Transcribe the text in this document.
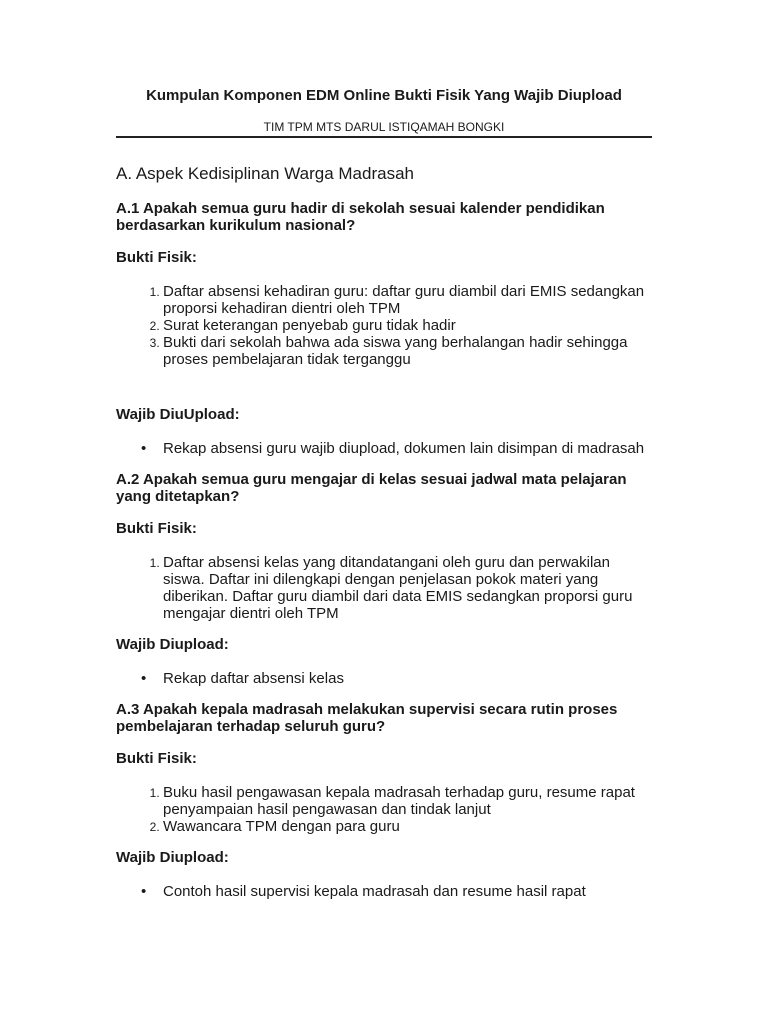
Kumpulan Komponen EDM Online Bukti Fisik Yang Wajib Diupload

TIM TPM MTS DARUL ISTIQAMAH BONGKI

A. Aspek Kedisiplinan Warga Madrasah

A.1 Apakah semua guru hadir di sekolah sesuai kalender pendidikan berdasarkan kurikulum nasional?

Bukti Fisik:

1. Daftar absensi kehadiran guru: daftar guru diambil dari EMIS sedangkan proporsi kehadiran dientri oleh TPM
2. Surat keterangan penyebab guru tidak hadir
3. Bukti dari sekolah bahwa ada siswa yang berhalangan hadir sehingga proses pembelajaran tidak terganggu

Wajib DiuUpload:

• Rekap absensi guru wajib diupload, dokumen lain disimpan di madrasah

A.2 Apakah semua guru mengajar di kelas sesuai jadwal mata pelajaran yang ditetapkan?

Bukti Fisik:

1. Daftar absensi kelas yang ditandatangani oleh guru dan perwakilan siswa. Daftar ini dilengkapi dengan penjelasan pokok materi yang diberikan. Daftar guru diambil dari data EMIS sedangkan proporsi guru mengajar dientri oleh TPM

Wajib Diupload:

• Rekap daftar absensi kelas

A.3 Apakah kepala madrasah melakukan supervisi secara rutin proses pembelajaran terhadap seluruh guru?

Bukti Fisik:

1. Buku hasil pengawasan kepala madrasah terhadap guru, resume rapat penyampaian hasil pengawasan dan tindak lanjut
2. Wawancara TPM dengan para guru

Wajib Diupload:

• Contoh hasil supervisi kepala madrasah dan resume hasil rapat
